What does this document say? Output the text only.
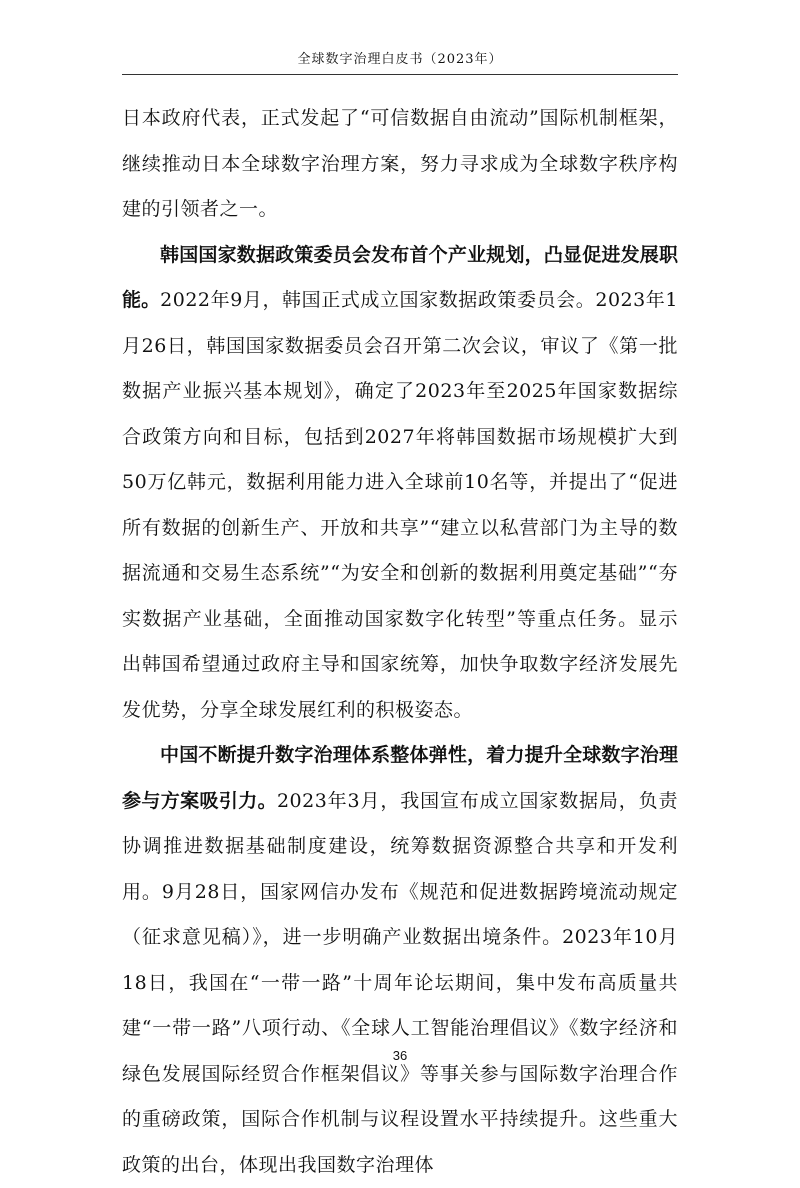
全球数字治理白皮书（2023年）

日本政府代表，正式发起了“可信数据自由流动”国际机制框架，继续推动日本全球数字治理方案，努力寻求成为全球数字秩序构建的引领者之一。

韩国国家数据政策委员会发布首个产业规划，凸显促进发展职能。2022年9月，韩国正式成立国家数据政策委员会。2023年1月26日，韩国国家数据委员会召开第二次会议，审议了《第一批数据产业振兴基本规划》，确定了2023年至2025年国家数据综合政策方向和目标，包括到2027年将韩国数据市场规模扩大到50万亿韩元，数据利用能力进入全球前10名等，并提出了“促进所有数据的创新生产、开放和共享”“建立以私营部门为主导的数据流通和交易生态系统”“为安全和创新的数据利用奠定基础”“夯实数据产业基础，全面推动国家数字化转型”等重点任务。显示出韩国希望通过政府主导和国家统筹，加快争取数字经济发展先发优势，分享全球发展红利的积极姿态。

中国不断提升数字治理体系整体弹性，着力提升全球数字治理参与方案吸引力。2023年3月，我国宣布成立国家数据局，负责协调推进数据基础制度建设，统筹数据资源整合共享和开发利用。9月28日，国家网信办发布《规范和促进数据跨境流动规定（征求意见稿）》，进一步明确产业数据出境条件。2023年10月18日，我国在“一带一路”十周年论坛期间，集中发布高质量共建“一带一路”八项行动、《全球人工智能治理倡议》《数字经济和绿色发展国际经贸合作框架倡议》等事关参与国际数字治理合作的重磅政策，国际合作机制与议程设置水平持续提升。这些重大政策的出台，体现出我国数字治理体

36
